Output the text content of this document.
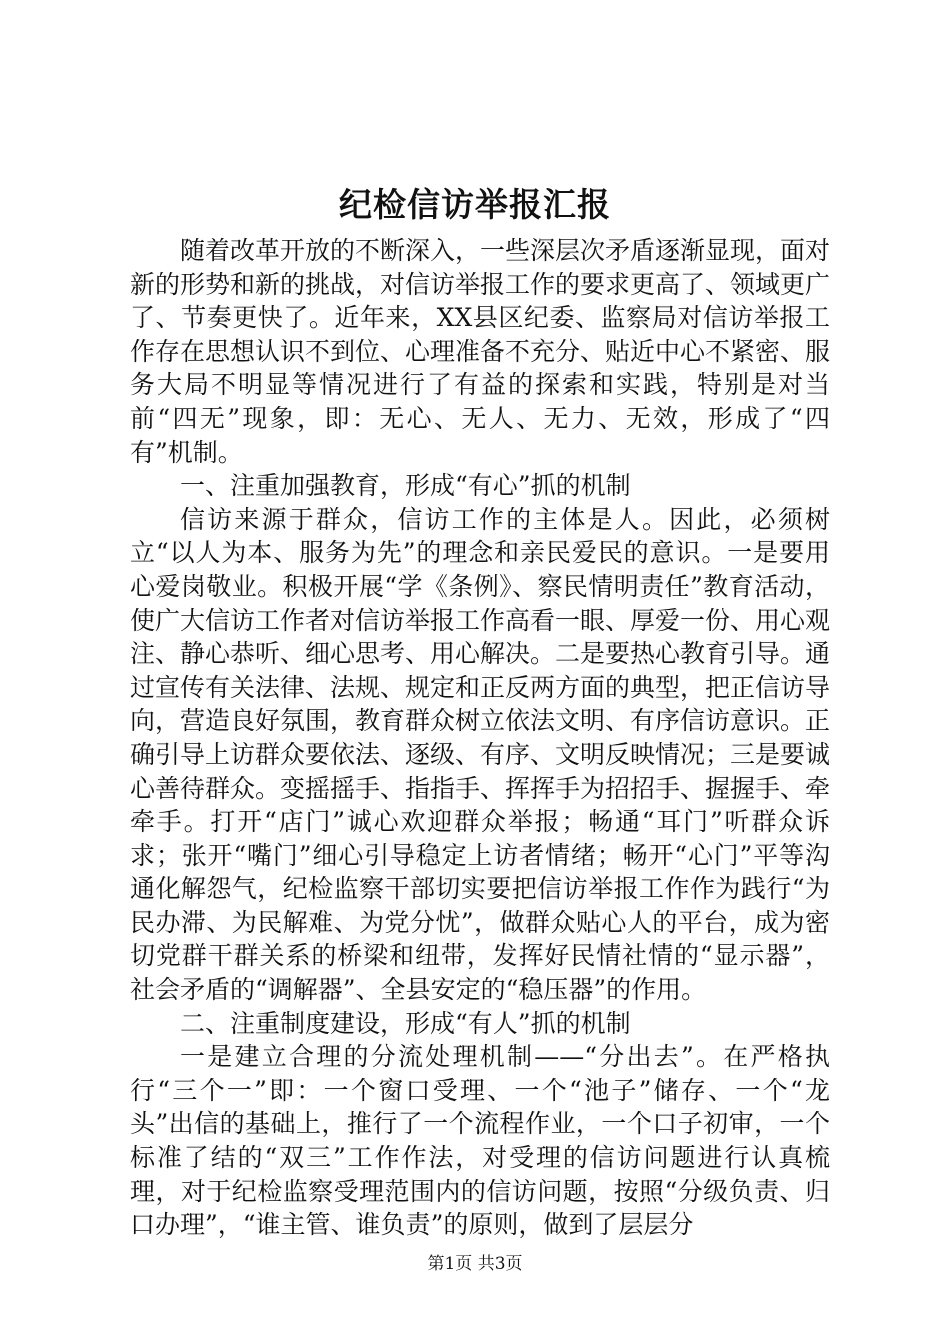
纪检信访举报汇报

随着改革开放的不断深入，一些深层次矛盾逐渐显现，面对新的形势和新的挑战，对信访举报工作的要求更高了、领域更广了、节奏更快了。近年来，XX县区纪委、监察局对信访举报工作存在思想认识不到位、心理准备不充分、贴近中心不紧密、服务大局不明显等情况进行了有益的探索和实践，特别是对当前“四无”现象，即：无心、无人、无力、无效，形成了“四有”机制。

一、注重加强教育，形成“有心”抓的机制

信访来源于群众，信访工作的主体是人。因此，必须树立“以人为本、服务为先”的理念和亲民爱民的意识。一是要用心爱岗敬业。积极开展“学《条例》、察民情明责任”教育活动，使广大信访工作者对信访举报工作高看一眼、厚爱一份、用心观注、静心恭听、细心思考、用心解决。二是要热心教育引导。通过宣传有关法律、法规、规定和正反两方面的典型，把正信访导向，营造良好氛围，教育群众树立依法文明、有序信访意识。正确引导上访群众要依法、逐级、有序、文明反映情况；三是要诚心善待群众。变摇摇手、指指手、挥挥手为招招手、握握手、牵牵手。打开“店门”诚心欢迎群众举报；畅通“耳门”听群众诉求；张开“嘴门”细心引导稳定上访者情绪；畅开“心门”平等沟通化解怨气，纪检监察干部切实要把信访举报工作作为践行“为民办滞、为民解难、为党分忧”，做群众贴心人的平台，成为密切党群干群关系的桥梁和纽带，发挥好民情社情的“显示器”，社会矛盾的“调解器”、全县安定的“稳压器”的作用。

二、注重制度建设，形成“有人”抓的机制

一是建立合理的分流处理机制——“分出去”。在严格执行“三个一”即：一个窗口受理、一个“池子”储存、一个“龙头”出信的基础上，推行了一个流程作业，一个口子初审，一个标准了结的“双三”工作作法，对受理的信访问题进行认真梳理，对于纪检监察受理范围内的信访问题，按照“分级负责、归口办理”，“谁主管、谁负责”的原则，做到了层层分

第1页 共3页
